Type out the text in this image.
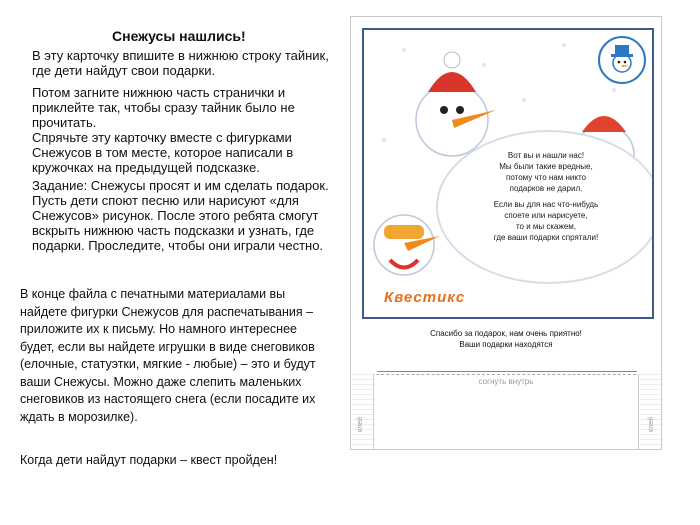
Снежусы нашлись!

В эту карточку впишите в нижнюю строку тайник, где дети найдут свои подарки.

Потом загните нижнюю часть странички и приклейте так, чтобы сразу тайник было не прочитать.

Спрячьте эту карточку вместе с фигурками Снежусов в том месте, которое написали в кружочках на предыдущей подсказке.

Задание: Снежусы просят и им сделать подарок. Пусть дети споют песню или нарисуют «для Снежусов» рисунок. После этого ребята смогут вскрыть нижнюю часть подсказки и узнать, где подарки. Проследите, чтобы они играли честно.

В конце файла с печатными материалами вы найдете фигурки Снежусов для распечатывания – приложите их к письму. Но намного интереснее будет, если вы найдете игрушки в виде снеговиков (елочные, статуэтки, мягкие - любые) – это и будут ваши Снежусы. Можно даже слепить маленьких снеговиков из настоящего снега (если посадите их ждать в морозилке).
Когда дети найдут подарки – квест пройден!
Вот вы и нашли нас!
Мы были такие вредные,
потому что нам никто
подарков не дарил.
Если вы для нас что-нибудь
споете или нарисуете,
то и мы скажем,
где ваши подарки спрятали!
Квестикс
Спасибо за подарок, нам очень приятно!
Ваши подарки находятся
согнуть внутрь
клей	клей
